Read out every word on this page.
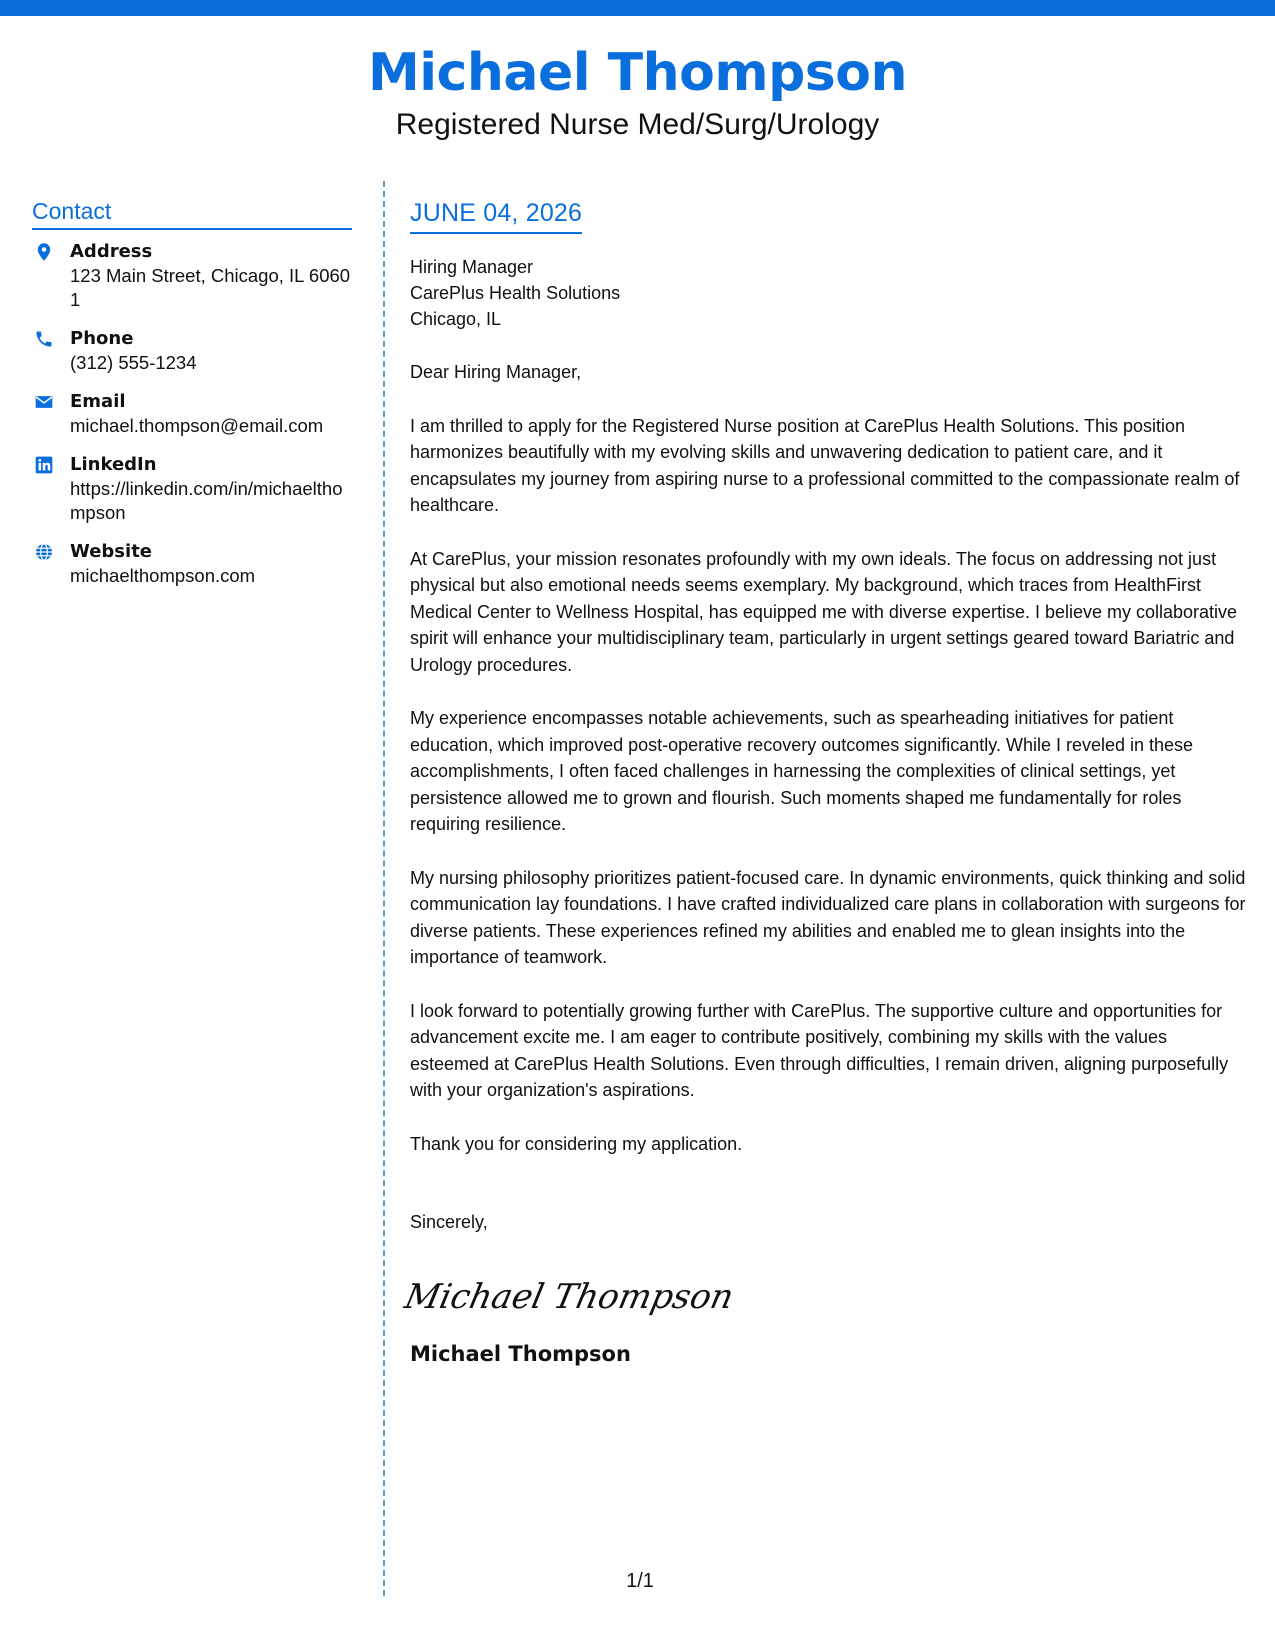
Michael Thompson
Registered Nurse Med/Surg/Urology
Contact
Address
123 Main Street, Chicago, IL 60601
Phone
(312) 555-1234
Email
michael.thompson@email.com
LinkedIn
https://linkedin.com/in/michaelthompson
Website
michaelthompson.com
JUNE 04, 2026
Hiring Manager
CarePlus Health Solutions
Chicago, IL
Dear Hiring Manager,
I am thrilled to apply for the Registered Nurse position at CarePlus Health Solutions. This position harmonizes beautifully with my evolving skills and unwavering dedication to patient care, and it encapsulates my journey from aspiring nurse to a professional committed to the compassionate realm of healthcare.
At CarePlus, your mission resonates profoundly with my own ideals. The focus on addressing not just physical but also emotional needs seems exemplary. My background, which traces from HealthFirst Medical Center to Wellness Hospital, has equipped me with diverse expertise. I believe my collaborative spirit will enhance your multidisciplinary team, particularly in urgent settings geared toward Bariatric and Urology procedures.
My experience encompasses notable achievements, such as spearheading initiatives for patient education, which improved post-operative recovery outcomes significantly. While I reveled in these accomplishments, I often faced challenges in harnessing the complexities of clinical settings, yet persistence allowed me to grown and flourish. Such moments shaped me fundamentally for roles requiring resilience.
My nursing philosophy prioritizes patient-focused care. In dynamic environments, quick thinking and solid communication lay foundations. I have crafted individualized care plans in collaboration with surgeons for diverse patients. These experiences refined my abilities and enabled me to glean insights into the importance of teamwork.
I look forward to potentially growing further with CarePlus. The supportive culture and opportunities for advancement excite me. I am eager to contribute positively, combining my skills with the values esteemed at CarePlus Health Solutions. Even through difficulties, I remain driven, aligning purposefully with your organization's aspirations.
Thank you for considering my application.
Sincerely,
Michael Thompson
Michael Thompson
1/1
